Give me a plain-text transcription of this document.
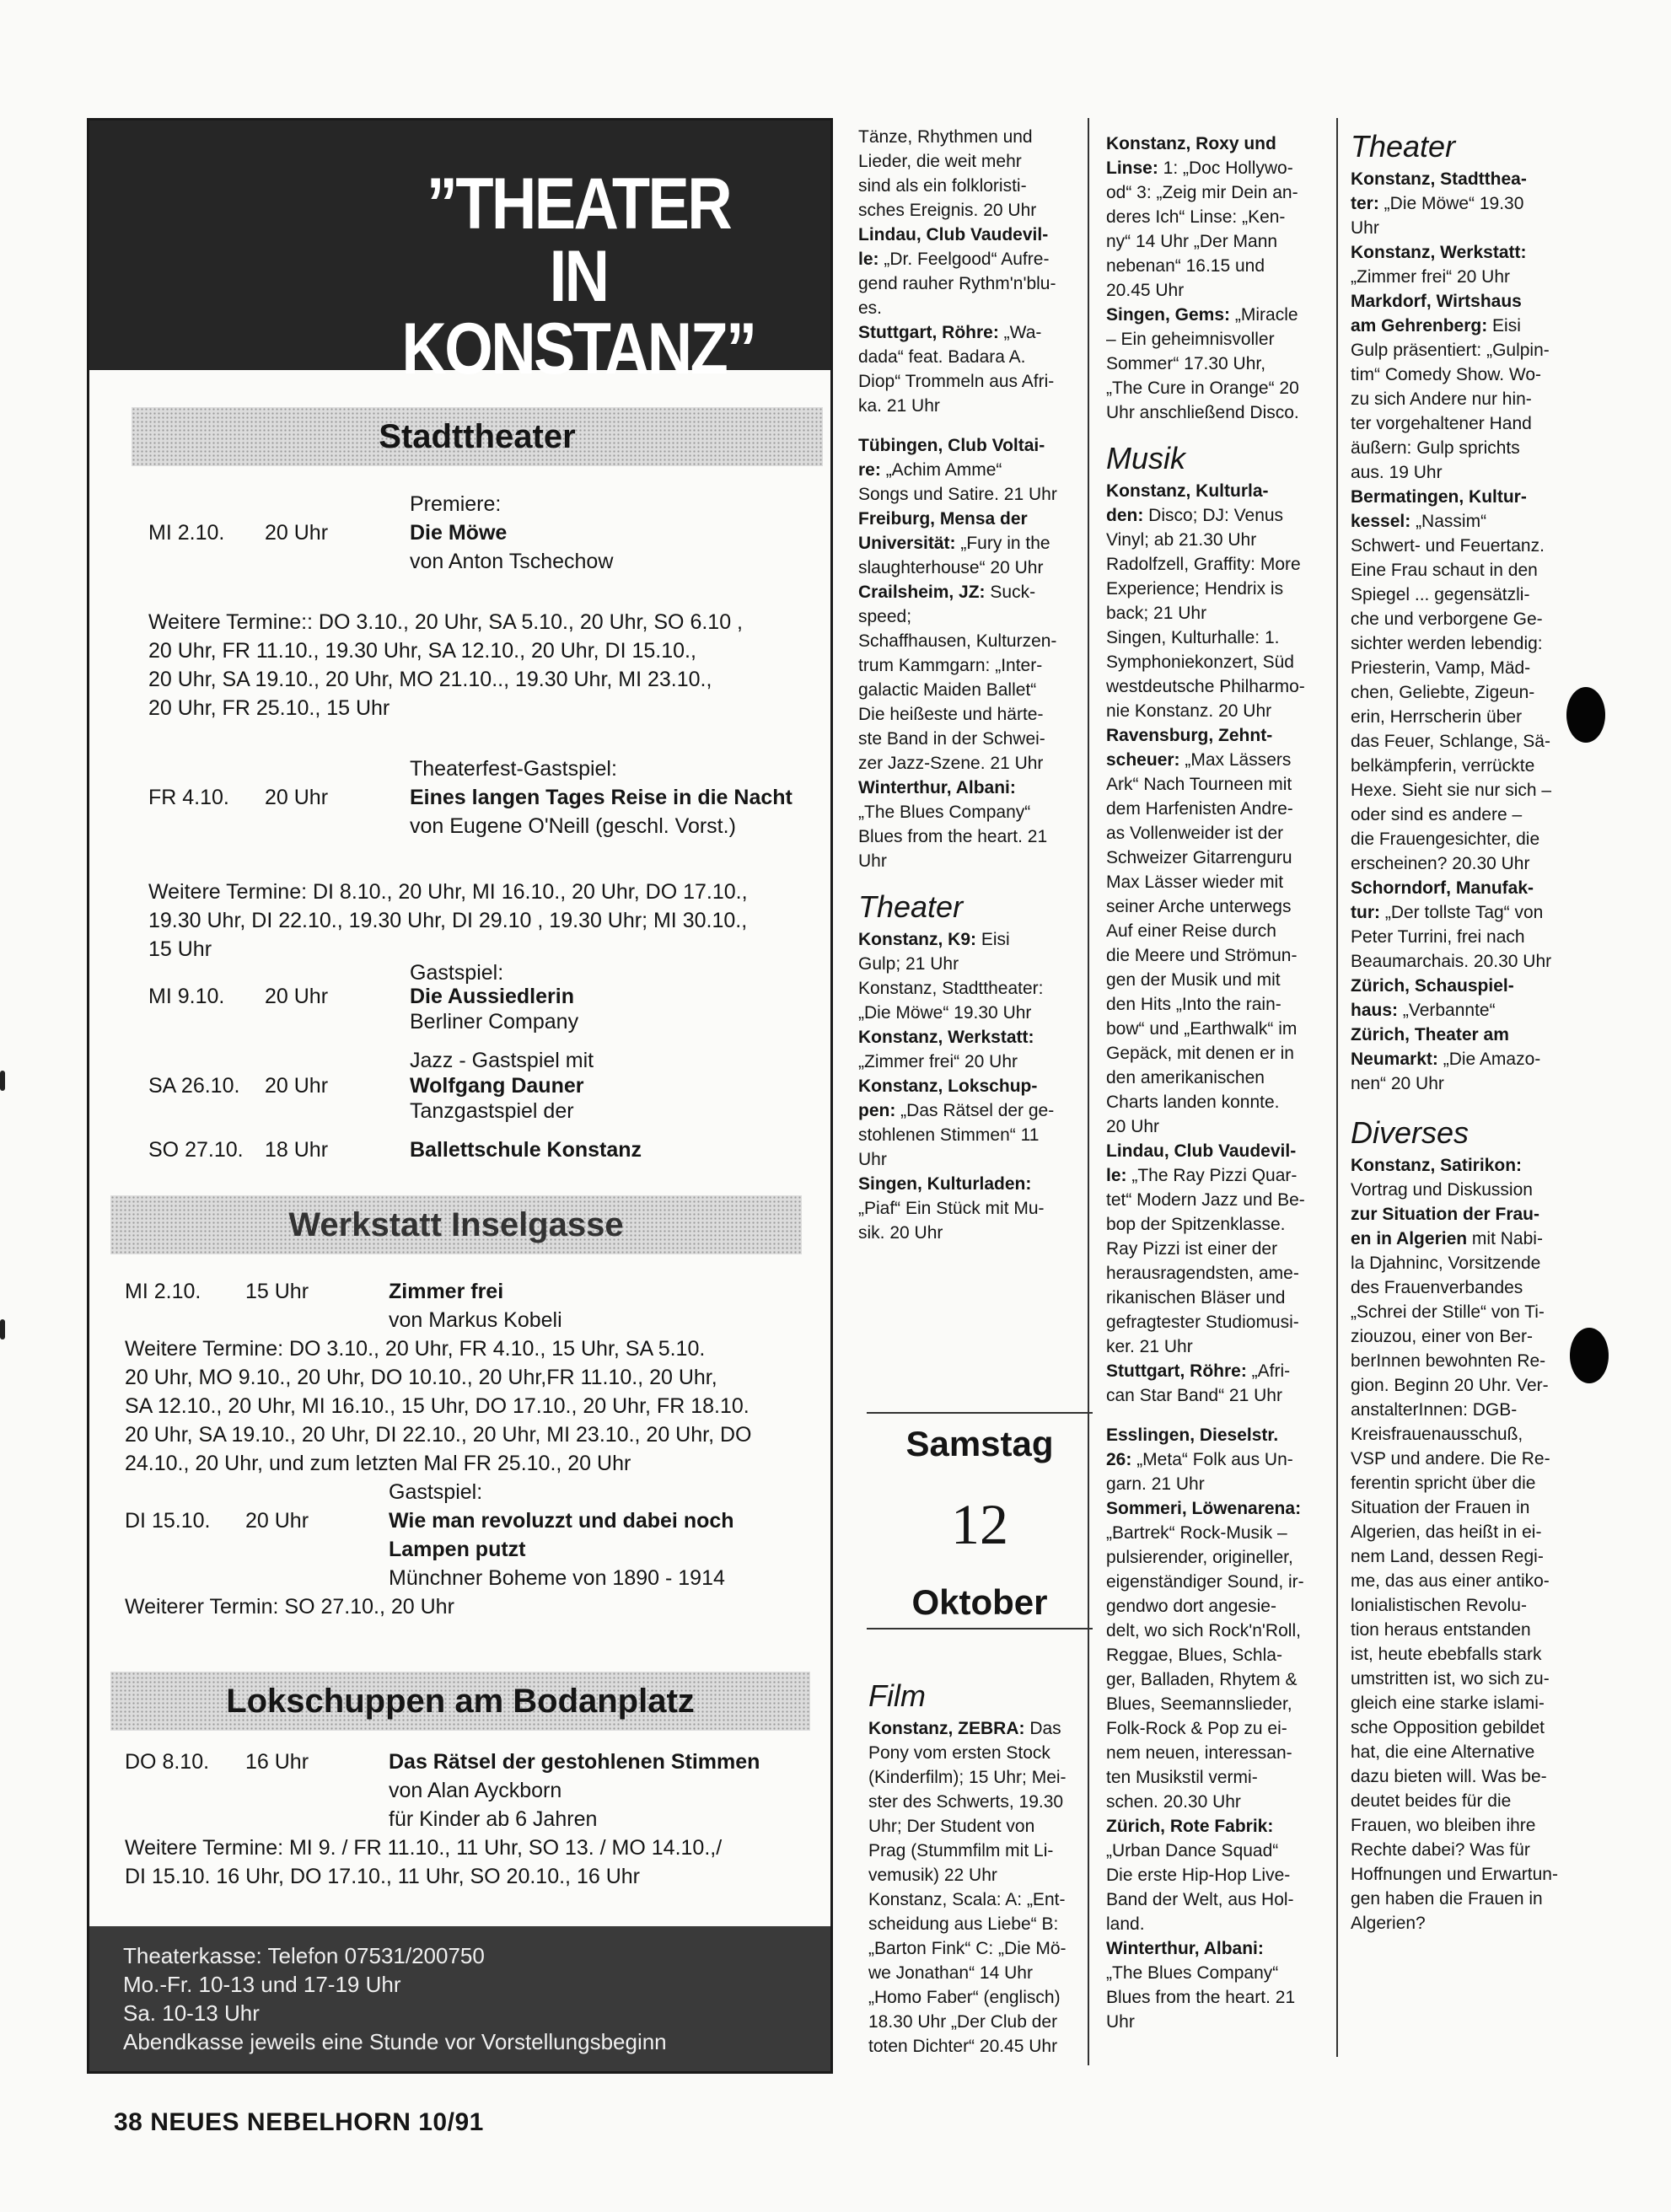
”THEATER
IN KONSTANZ”
Stadttheater
Premiere:
MI 2.10. 20 Uhr	Die Möwe
von Anton Tschechow
Weitere Termine:: DO 3.10., 20 Uhr, SA 5.10., 20 Uhr, SO 6.10 ,
20 Uhr, FR 11.10., 19.30 Uhr, SA 12.10., 20 Uhr, DI 15.10.,
20 Uhr, SA 19.10., 20 Uhr, MO 21.10.., 19.30 Uhr, MI 23.10.,
20 Uhr, FR 25.10., 15 Uhr
Theaterfest-Gastspiel:
FR 4.10. 20 Uhr	Eines langen Tages Reise in die Nacht
von Eugene O'Neill (geschl. Vorst.)
Weitere Termine: DI 8.10., 20 Uhr, MI 16.10., 20 Uhr, DO 17.10.,
19.30 Uhr, DI 22.10., 19.30 Uhr, DI 29.10 , 19.30 Uhr; MI 30.10.,
15 Uhr
Gastspiel:
MI 9.10. 20 Uhr	Die Aussiedlerin
Berliner Company
Jazz - Gastspiel mit
SA 26.10. 20 Uhr	Wolfgang Dauner
Tanzgastspiel der
SO 27.10. 18 Uhr	Ballettschule Konstanz
Werkstatt Inselgasse
MI 2.10. 15 Uhr	Zimmer frei
von Markus Kobeli
Weitere Termine: DO 3.10., 20 Uhr, FR 4.10., 15 Uhr, SA 5.10.
20 Uhr, MO 9.10., 20 Uhr, DO 10.10., 20 Uhr,FR 11.10., 20 Uhr,
SA 12.10., 20 Uhr, MI 16.10., 15 Uhr, DO 17.10., 20 Uhr, FR 18.10.
20 Uhr, SA 19.10., 20 Uhr, DI 22.10., 20 Uhr, MI 23.10., 20 Uhr, DO
24.10., 20 Uhr, und zum letzten Mal FR 25.10., 20 Uhr
Gastspiel:
DI 15.10. 20 Uhr	Wie man revoluzzt und dabei noch
Lampen putzt
Münchner Boheme von 1890 - 1914
Weiterer Termin: SO 27.10., 20 Uhr
Lokschuppen am Bodanplatz
DO 8.10. 16 Uhr	Das Rätsel der gestohlenen Stimmen
von Alan Ayckborn
für Kinder ab 6 Jahren
Weitere Termine: MI 9. / FR 11.10., 11 Uhr, SO 13. / MO 14.10.,/
DI 15.10. 16 Uhr, DO 17.10., 11 Uhr, SO 20.10., 16 Uhr
Theaterkasse: Telefon 07531/200750
Mo.-Fr. 10-13 und 17-19 Uhr
Sa. 10-13 Uhr
Abendkasse jeweils eine Stunde vor Vorstellungsbeginn
38 NEUES NEBELHORN 10/91

Tänze, Rhythmen und
Lieder, die weit mehr
sind als ein folkloristi-
sches Ereignis. 20 Uhr

Lindau, Club Vaudevil-
le: „Dr. Feelgood“ Aufre-
gend rauher Rythm'n'blu-
es.

Stuttgart, Röhre: „Wa-
dada“ feat. Badara A.
Diop“ Trommeln aus Afri-
ka. 21 Uhr

Tübingen, Club Voltai-
re: „Achim Amme“
Songs und Satire. 21 Uhr

Freiburg, Mensa der
Universität: „Fury in the
slaughterhouse“ 20 Uhr

Crailsheim, JZ: Suck-
speed;
Schaffhausen, Kulturzen-
trum Kammgarn: „Inter-
galactic Maiden Ballet“
Die heißeste und härte-
ste Band in der Schwei-
zer Jazz-Szene. 21 Uhr

Winterthur, Albani:
„The Blues Company“
Blues from the heart. 21
Uhr

Theater

Konstanz, K9: Eisi
Gulp; 21 Uhr
Konstanz, Stadttheater:
„Die Möwe“ 19.30 Uhr

Konstanz, Werkstatt:
„Zimmer frei“ 20 Uhr

Konstanz, Lokschup-
pen: „Das Rätsel der ge-
stohlenen Stimmen“ 11
Uhr

Singen, Kulturladen:
„Piaf“ Ein Stück mit Mu-
sik. 20 Uhr

Samstag
12
Oktober
Film

Konstanz, ZEBRA: Das
Pony vom ersten Stock
(Kinderfilm); 15 Uhr; Mei-
ster des Schwerts, 19.30
Uhr; Der Student von
Prag (Stummfilm mit Li-
vemusik) 22 Uhr
Konstanz, Scala: A: „Ent-
scheidung aus Liebe“ B:
„Barton Fink“ C: „Die Mö-
we Jonathan“ 14 Uhr
„Homo Faber“ (englisch)
18.30 Uhr „Der Club der
toten Dichter“ 20.45 Uhr

Konstanz, Roxy und
Linse: 1: „Doc Hollywo-
od“ 3: „Zeig mir Dein an-
deres Ich“ Linse: „Ken-
ny“ 14 Uhr „Der Mann
nebenan“ 16.15 und
20.45 Uhr

Singen, Gems: „Miracle
– Ein geheimnisvoller
Sommer“ 17.30 Uhr,
„The Cure in Orange“ 20
Uhr anschließend Disco.

Musik

Konstanz, Kulturla-
den: Disco; DJ: Venus
Vinyl; ab 21.30 Uhr
Radolfzell, Graffity: More
Experience; Hendrix is
back; 21 Uhr
Singen, Kulturhalle: 1.
Symphoniekonzert, Süd
westdeutsche Philharmo-
nie Konstanz. 20 Uhr

Ravensburg, Zehnt-
scheuer: „Max Lässers
Ark“ Nach Tourneen mit
dem Harfenisten Andre-
as Vollenweider ist der
Schweizer Gitarrenguru
Max Lässer wieder mit
seiner Arche unterwegs
Auf einer Reise durch
die Meere und Strömun-
gen der Musik und mit
den Hits „Into the rain-
bow“ und „Earthwalk“ im
Gepäck, mit denen er in
den amerikanischen
Charts landen konnte.
20 Uhr

Lindau, Club Vaudevil-
le: „The Ray Pizzi Quar-
tet“ Modern Jazz und Be-
bop der Spitzenklasse.
Ray Pizzi ist einer der
herausragendsten, ame-
rikanischen Bläser und
gefragtester Studiomusi-
ker. 21 Uhr

Stuttgart, Röhre: „Afri-
can Star Band“ 21 Uhr

Esslingen, Dieselstr.
26: „Meta“ Folk aus Un-
garn. 21 Uhr

Sommeri, Löwenarena:
„Bartrek“ Rock-Musik –
pulsierender, origineller,
eigenständiger Sound, ir-
gendwo dort angesie-
delt, wo sich Rock'n'Roll,
Reggae, Blues, Schla-
ger, Balladen, Rhytem &
Blues, Seemannslieder,
Folk-Rock & Pop zu ei-
nem neuen, interessan-
ten Musikstil vermi-
schen. 20.30 Uhr

Zürich, Rote Fabrik:
„Urban Dance Squad“
Die erste Hip-Hop Live-
Band der Welt, aus Hol-
land.

Winterthur, Albani:
„The Blues Company“
Blues from the heart. 21
Uhr

Theater

Konstanz, Stadtthea-
ter: „Die Möwe“ 19.30
Uhr

Konstanz, Werkstatt:
„Zimmer frei“ 20 Uhr

Markdorf, Wirtshaus
am Gehrenberg: Eisi
Gulp präsentiert: „Gulpin-
tim“ Comedy Show. Wo-
zu sich Andere nur hin-
ter vorgehaltener Hand
äußern: Gulp sprichts
aus. 19 Uhr

Bermatingen, Kultur-
kessel: „Nassim“
Schwert- und Feuertanz.
Eine Frau schaut in den
Spiegel ... gegensätzli-
che und verborgene Ge-
sichter werden lebendig:
Priesterin, Vamp, Mäd-
chen, Geliebte, Zigeun-
erin, Herrscherin über
das Feuer, Schlange, Sä-
belkämpferin, verrückte
Hexe. Sieht sie nur sich –
oder sind es andere –
die Frauengesichter, die
erscheinen? 20.30 Uhr

Schorndorf, Manufak-
tur: „Der tollste Tag“ von
Peter Turrini, frei nach
Beaumarchais. 20.30 Uhr

Zürich, Schauspiel-
haus: „Verbannte“

Zürich, Theater am
Neumarkt: „Die Amazo-
nen“ 20 Uhr

Diverses

Konstanz, Satirikon:
Vortrag und Diskussion
zur Situation der Frau-
en in Algerien mit Nabi-
la Djahninc, Vorsitzende
des Frauenverbandes
„Schrei der Stille“ von Ti-
ziouzou, einer von Ber-
berInnen bewohnten Re-
gion. Beginn 20 Uhr. Ver-
anstalterInnen: DGB-
Kreisfrauenausschuß,
VSP und andere. Die Re-
ferentin spricht über die
Situation der Frauen in
Algerien, das heißt in ei-
nem Land, dessen Regi-
me, das aus einer antiko-
lonialistischen Revolu-
tion heraus entstanden
ist, heute ebebfalls stark
umstritten ist, wo sich zu-
gleich eine starke islami-
sche Opposition gebildet
hat, die eine Alternative
dazu bieten will. Was be-
deutet beides für die
Frauen, wo bleiben ihre
Rechte dabei? Was für
Hoffnungen und Erwartun-
gen haben die Frauen in
Algerien?
